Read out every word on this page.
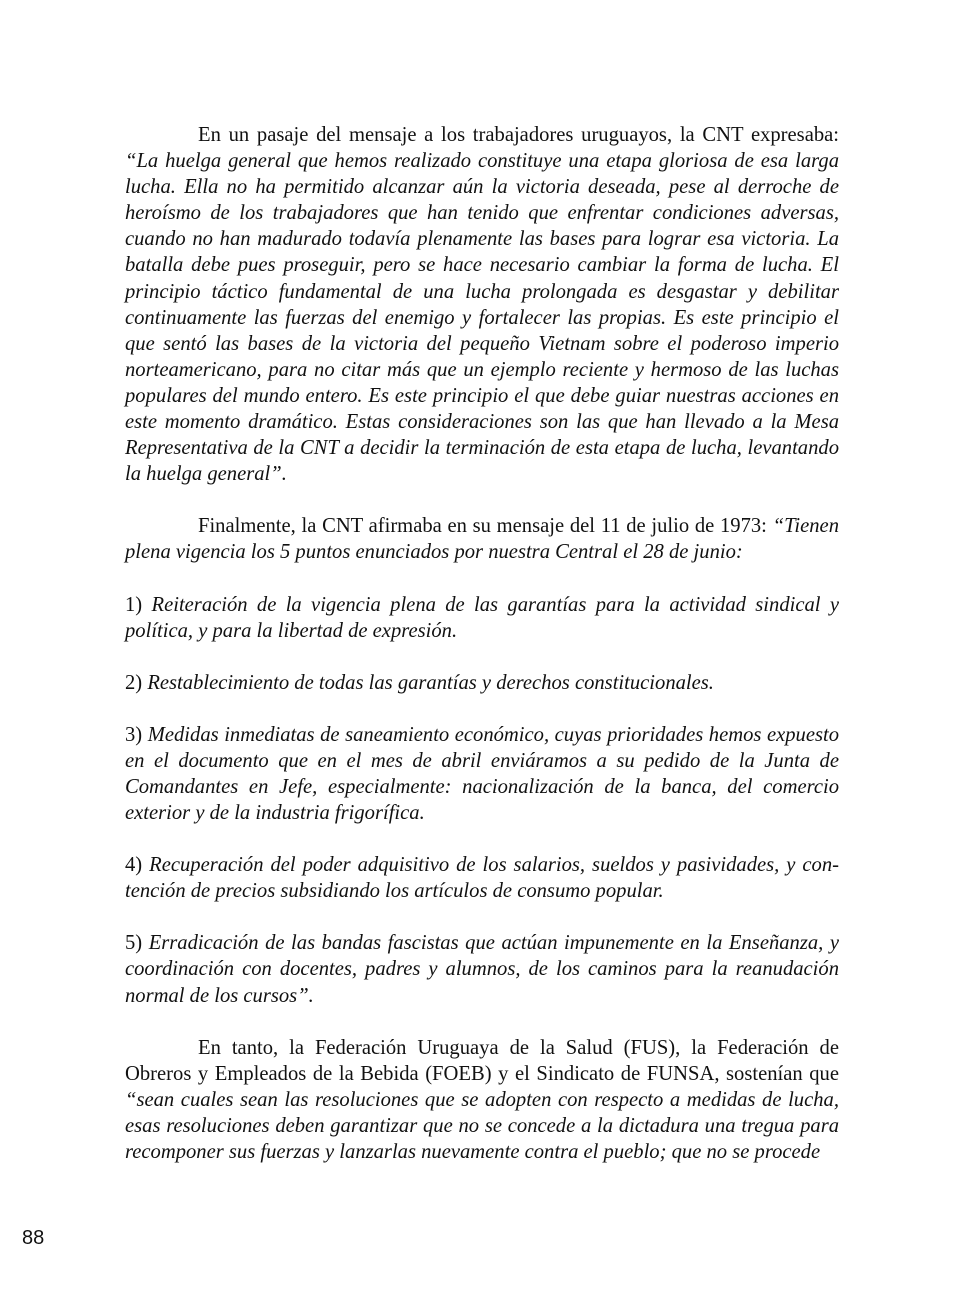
En un pasaje del mensaje a los trabajadores uruguayos, la CNT expresaba: “La huelga general que hemos realizado constituye una etapa gloriosa de esa larga lucha. Ella no ha permitido alcanzar aún la victoria deseada, pese al derroche de heroísmo de los trabajadores que han tenido que enfrentar condiciones adversas, cuando no han madurado todavía plenamente las bases para lograr esa victoria. La batalla debe pues proseguir, pero se hace necesario cambiar la forma de lucha. El principio táctico fundamental de una lucha prolongada es desgastar y debilitar continuamente las fuerzas del enemigo y fortalecer las propias. Es este principio el que sentó las bases de la victoria del pequeño Vietnam sobre el poderoso imperio norteamericano, para no citar más que un ejemplo reciente y hermoso de las luchas populares del mundo entero. Es este principio el que debe guiar nuestras acciones en este momento dramático. Estas consideraciones son las que han llevado a la Mesa Representativa de la CNT a decidir la terminación de esta etapa de lucha, levantando la huelga general”.

Finalmente, la CNT afirmaba en su mensaje del 11 de julio de 1973: “Tienen plena vigencia los 5 puntos enunciados por nuestra Central el 28 de junio:

1) Reiteración de la vigencia plena de las garantías para la actividad sindical y política, y para la libertad de expresión.

2) Restablecimiento de todas las garantías y derechos constitucionales.

3) Medidas inmediatas de saneamiento económico, cuyas prioridades hemos expuesto en el documento que en el mes de abril enviáramos a su pedido de la Junta de Comandantes en Jefe, especialmente: nacionalización de la banca, del comercio exterior y de la industria frigorífica.

4) Recuperación del poder adquisitivo de los salarios, sueldos y pasividades, y contención de precios subsidiando los artículos de consumo popular.

5) Erradicación de las bandas fascistas que actúan impunemente en la Enseñanza, y coordinación con docentes, padres y alumnos, de los caminos para la reanudación normal de los cursos”.

En tanto, la Federación Uruguaya de la Salud (FUS), la Federación de Obreros y Empleados de la Bebida (FOEB) y el Sindicato de FUNSA, sostenían que “sean cuales sean las resoluciones que se adopten con respecto a medidas de lucha, esas resoluciones deben garantizar que no se concede a la dictadura una tregua para recomponer sus fuerzas y lanzarlas nuevamente contra el pueblo; que no se procede

88
